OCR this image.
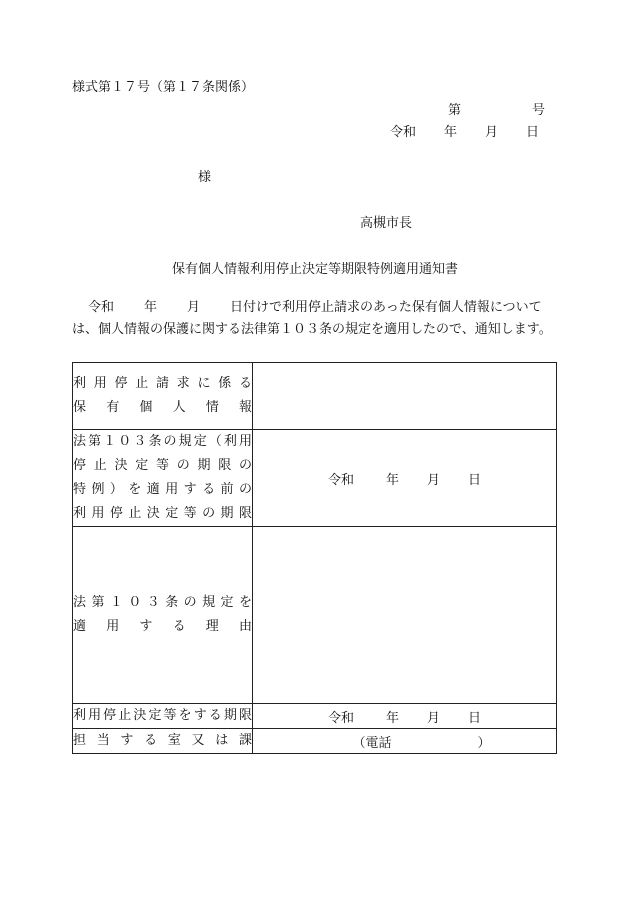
様式第１７号（第１７条関係）
第	号
令和 年 月 日
様
高槻市長
保有個人情報利用停止決定等期限特例適用通知書
令和 年 月 日付けで利用停止請求のあった保有個人情報については、個人情報の保護に関する法律第１０３条の規定を適用したので、通知します。
利用停止請求に係る
保有個人情報	

法第１０３条の規定（利用
停止決定等の期限の
特例）を適用する前の
利用停止決定等の期限	令和 年 月 日

法第１０３条の規定を
適用する理由	

利用停止決定等をする期限	令和 年 月 日

担当する室又は課	（電話 ）
